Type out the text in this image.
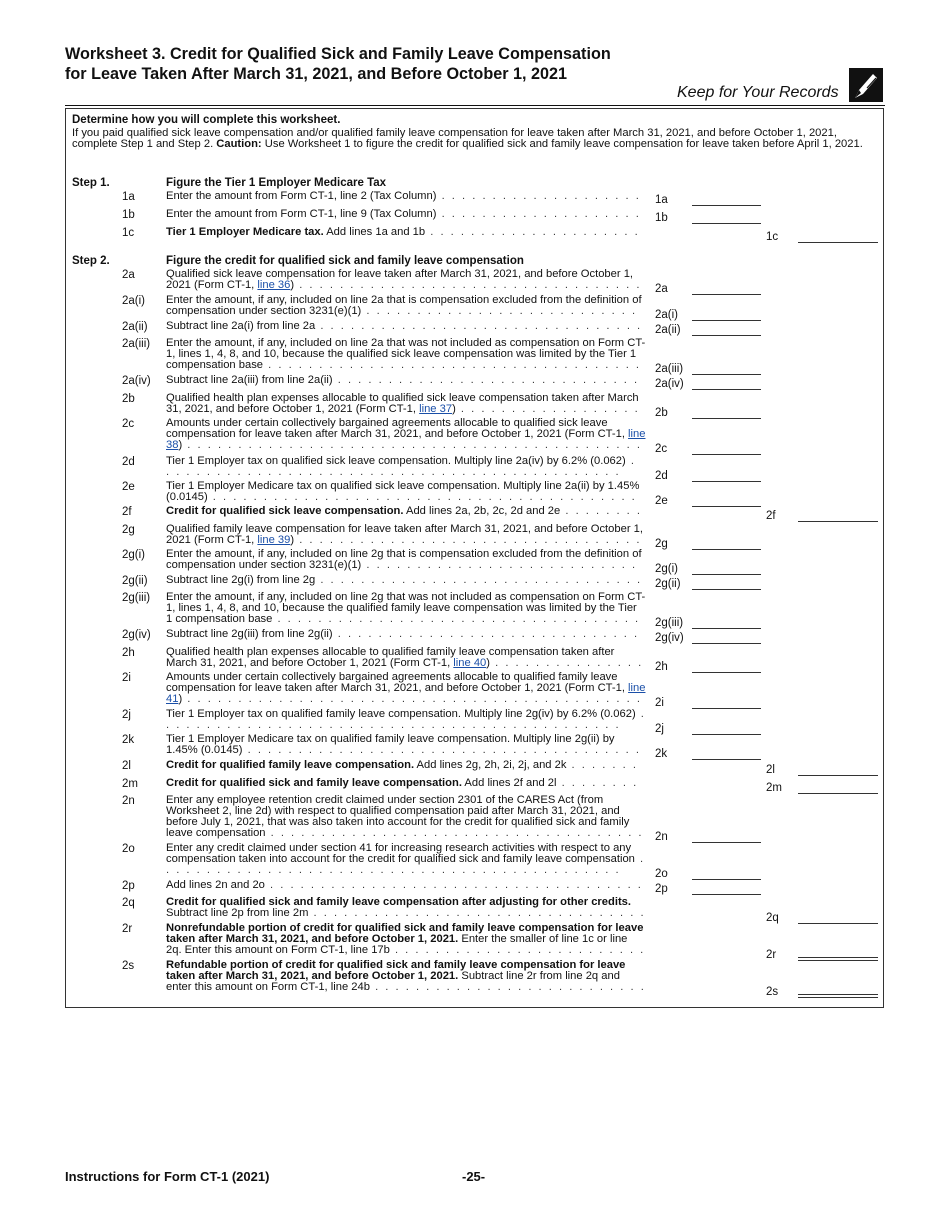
Worksheet 3. Credit for Qualified Sick and Family Leave Compensation for Leave Taken After March 31, 2021, and Before October 1, 2021
Keep for Your Records
Determine how you will complete this worksheet.
If you paid qualified sick leave compensation and/or qualified family leave compensation for leave taken after March 31, 2021, and before October 1, 2021, complete Step 1 and Step 2. Caution: Use Worksheet 1 to figure the credit for qualified sick and family leave compensation for leave taken before April 1, 2021.
Step 1.	Figure the Tier 1 Employer Medicare Tax
Step 2.	Figure the credit for qualified sick and family leave compensation
1a	Enter the amount from Form CT-1, line 2 (Tax Column) . . . . . . . . . . . . . . . . . . . .	1a
1b	Enter the amount from Form CT-1, line 9 (Tax Column) . . . . . . . . . . . . . . . . . . . .	1b
1c	Tier 1 Employer Medicare tax. Add lines 1a and 1b . . . . . . . . . . . . . . . . . . . . .	1c
2a	Qualified sick leave compensation for leave taken after March 31, 2021, and before October 1, 2021 (Form CT-1, line 36) . . . . . . . . . . . . . . . . . . . . . . . . . . . . . . . . . .	2a
2a(i) Enter the amount, if any, included on line 2a that is compensation excluded from the definition of compensation under section 3231(e)(1) . . . . . . . . . . . . . . . . . . . . . . . . . . .	2a(i)
2a(ii) Subtract line 2a(i) from line 2a . . . . . . . . . . . . . . . . . . . . . . . . . . . . . . . .	2a(ii)
2a(iii) Enter the amount, if any, included on line 2a that was not included as compensation on Form CT-1, lines 1, 4, 8, and 10, because the qualified sick leave compensation was limited by the Tier 1 compensation base . . . . . . . . . . . . . . . . . . . . . . . . . . . . . . . . . . . . .	2a(iii)
2a(iv) Subtract line 2a(iii) from line 2a(ii) . . . . . . . . . . . . . . . . . . . . . . . . . . . . . .	2a(iv)
2b	Qualified health plan expenses allocable to qualified sick leave compensation taken after March 31, 2021, and before October 1, 2021 (Form CT-1, line 37) . . . . . . . . . . . . . . . . . .	2b
2c	Amounts under certain collectively bargained agreements allocable to qualified sick leave compensation for leave taken after March 31, 2021, and before October 1, 2021 (Form CT-1, line 38) . . . . . . . . . . . . . . . . . . . . . . . . . . . . . . . . . . . . . . . . . . . . .	2c
2d	Tier 1 Employer tax on qualified sick leave compensation. Multiply line 2a(iv) by 6.2% (0.062) . . . . . . . . . . . . . . . . . . . . . . . . . . . . . . . . . . . . . . . . . . . . . .	2d
2e	Tier 1 Employer Medicare tax on qualified sick leave compensation. Multiply line 2a(ii) by 1.45% (0.0145) . . . . . . . . . . . . . . . . . . . . . . . . . . . . . . . . . . . . . . . . . .	2e
2f	Credit for qualified sick leave compensation. Add lines 2a, 2b, 2c, 2d and 2e . . . . . . . .	2f
2g	Qualified family leave compensation for leave taken after March 31, 2021, and before October 1, 2021 (Form CT-1, line 39) . . . . . . . . . . . . . . . . . . . . . . . . . . . . . . . . . .	2g
2g(i) Enter the amount, if any, included on line 2g that is compensation excluded from the definition of compensation under section 3231(e)(1) . . . . . . . . . . . . . . . . . . . . . . . . . . .	2g(i)
2g(ii) Subtract line 2g(i) from line 2g . . . . . . . . . . . . . . . . . . . . . . . . . . . . . . . .	2g(ii)
2g(iii) Enter the amount, if any, included on line 2g that was not included as compensation on Form CT-1, lines 1, 4, 8, and 10, because the qualified family leave compensation was limited by the Tier 1 compensation base . . . . . . . . . . . . . . . . . . . . . . . . . . . . . . . . . . . .	2g(iii)
2g(iv) Subtract line 2g(iii) from line 2g(ii) . . . . . . . . . . . . . . . . . . . . . . . . . . . . . .	2g(iv)
2h	Qualified health plan expenses allocable to qualified family leave compensation taken after March 31, 2021, and before October 1, 2021 (Form CT-1, line 40) . . . . . . . . . . . . . . . 2h
2i	Amounts under certain collectively bargained agreements allocable to qualified family leave compensation for leave taken after March 31, 2021, and before October 1, 2021 (Form CT-1, line 41) . . . . . . . . . . . . . . . . . . . . . . . . . . . . . . . . . . . . . . . . . . . . .	2i
2j	Tier 1 Employer tax on qualified family leave compensation. Multiply line 2g(iv) by 6.2% (0.062) . . . . . . . . . . . . . . . . . . . . . . . . . . . . . . . . . . . . . . . . . . . . . .	2j
2k	Tier 1 Employer Medicare tax on qualified family leave compensation. Multiply line 2g(ii) by 1.45% (0.0145) . . . . . . . . . . . . . . . . . . . . . . . . . . . . . . . . . . . . . . .	2k
2l	Credit for qualified family leave compensation. Add lines 2g, 2h, 2i, 2j, and 2k . . . . . . .	2l
2m	Credit for qualified sick and family leave compensation. Add lines 2f and 2l . . . . . . . .	2m
2n	Enter any employee retention credit claimed under section 2301 of the CARES Act (from Worksheet 2, line 2d) with respect to qualified compensation paid after March 31, 2021, and before July 1, 2021, that was also taken into account for the credit for qualified sick and family leave compensation . . . . . . . . . . . . . . . . . . . . . . . . . . . . . . . . . . . . . 2n
2o	Enter any credit claimed under section 41 for increasing research activities with respect to any compensation taken into account for the credit for qualified sick and family leave compensation . . . . . . . . . . . . . . . . . . . . . . . . . . . . . . . . . . . . . . . . . . . . . .	2o
2p	Add lines 2n and 2o . . . . . . . . . . . . . . . . . . . . . . . . . . . . . . . . . . . . . 2p
2q	Credit for qualified sick and family leave compensation after adjusting for other credits. Subtract line 2p from line 2m . . . . . . . . . . . . . . . . . . . . . . . . . . . . . . . . .	2q
2r	Nonrefundable portion of credit for qualified sick and family leave compensation for leave taken after March 31, 2021, and before October 1, 2021. Enter the smaller of line 1c or line 2q. Enter this amount on Form CT-1, line 17b . . . . . . . . . . . . . . . . . . . . . . . . .	2r
2s	Refundable portion of credit for qualified sick and family leave compensation for leave taken after March 31, 2021, and before October 1, 2021. Subtract line 2r from line 2q and enter this amount on Form CT-1, line 24b . . . . . . . . . . . . . . . . . . . . . . . . . . .	2s
Instructions for Form CT-1 (2021)	-25-
